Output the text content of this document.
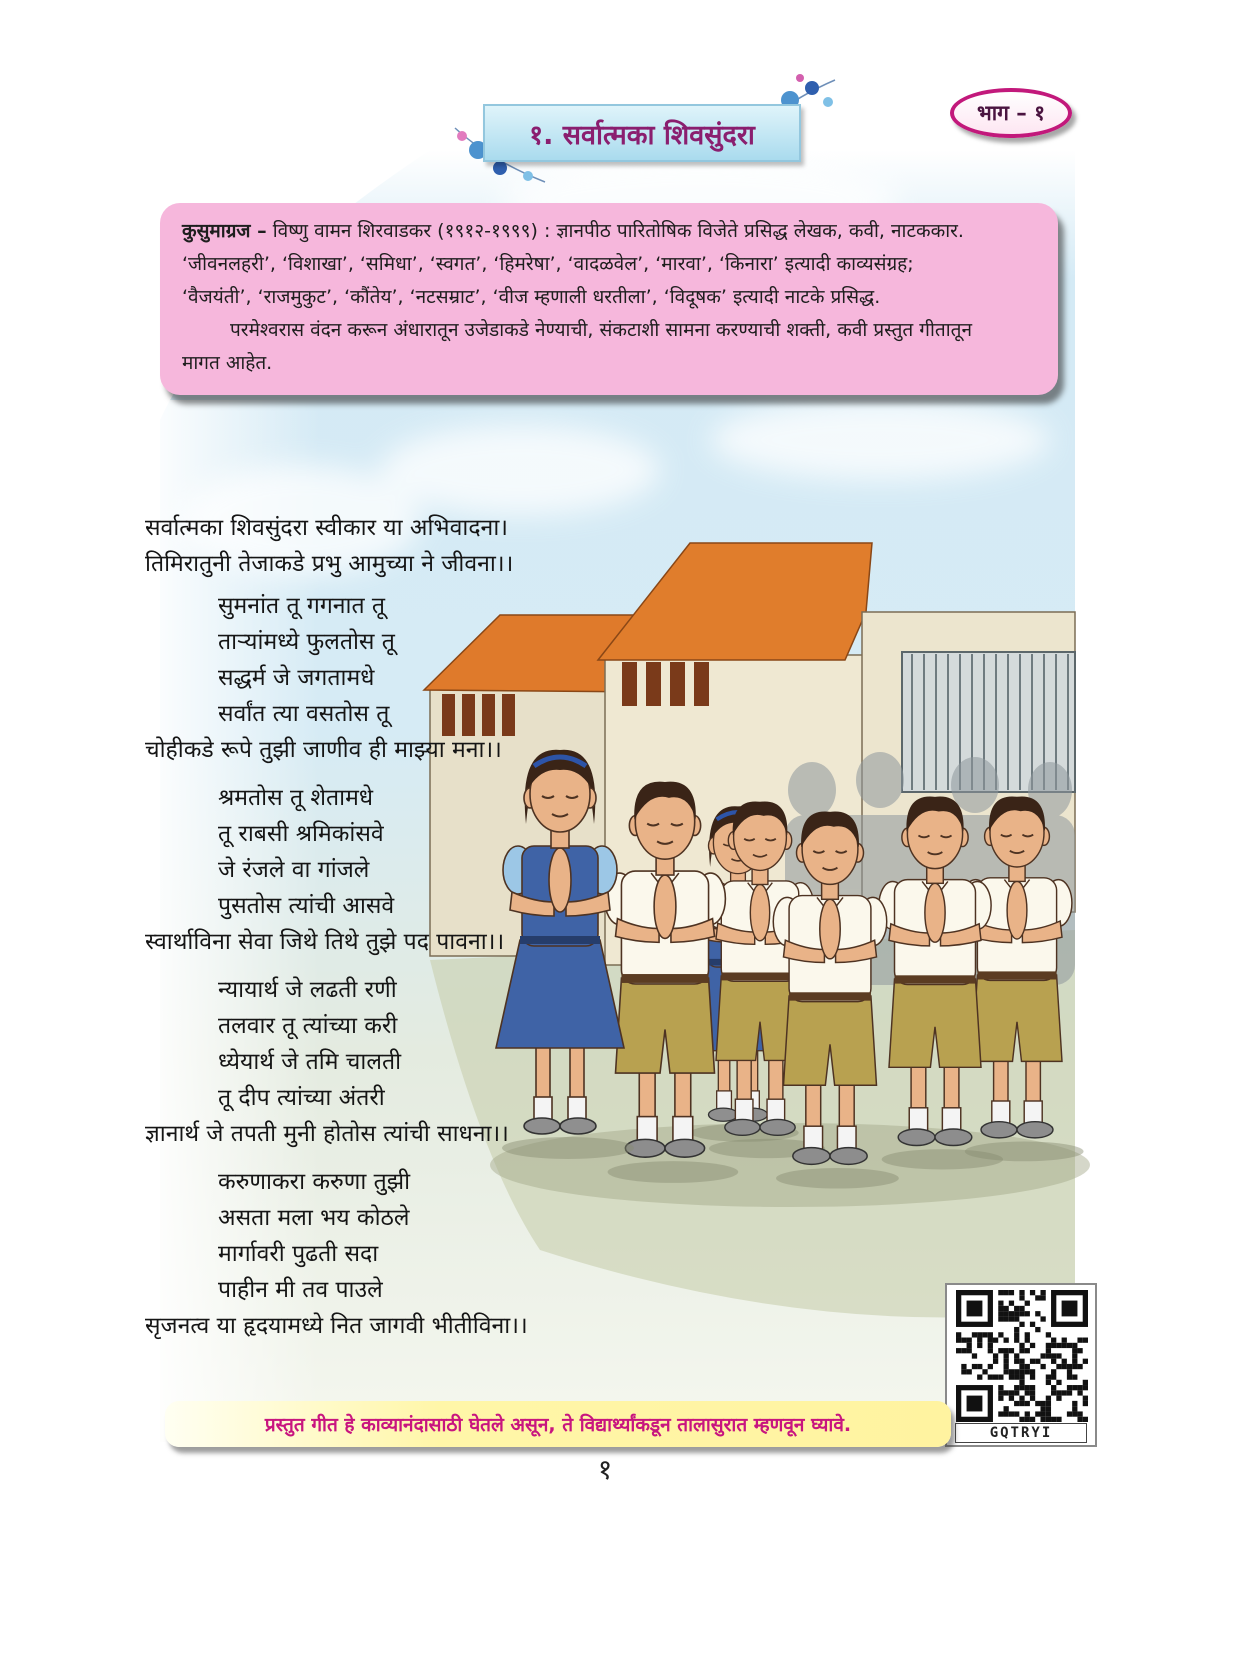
भाग – १
१. सर्वात्मका शिवसुंदरा
कुसुमाग्रज – विष्णु वामन शिरवाडकर (१९१२-१९९९) : ज्ञानपीठ पारितोषिक विजेते प्रसिद्ध लेखक, कवी, नाटककार.
‘जीवनलहरी’, ‘विशाखा’, ‘समिधा’, ‘स्वगत’, ‘हिमरेषा’, ‘वादळवेल’, ‘मारवा’, ‘किनारा’ इत्यादी काव्यसंग्रह;
‘वैजयंती’, ‘राजमुकुट’, ‘कौंतेय’, ‘नटसम्राट’, ‘वीज म्हणाली धरतीला’, ‘विदूषक’ इत्यादी नाटके प्रसिद्ध.
परमेश्वरास वंदन करून अंधारातून उजेडाकडे नेण्याची, संकटाशी सामना करण्याची शक्ती, कवी प्रस्तुत गीतातून
मागत आहेत.
सर्वात्मका शिवसुंदरा स्वीकार या अभिवादना।
तिमिरातुनी तेजाकडे प्रभु आमुच्या ने जीवना।।
सुमनांत तू गगनात तू
ताऱ्यांमध्ये फुलतोस तू
सद्धर्म जे जगतामधे
सर्वांत त्या वसतोस तू
चोहीकडे रूपे तुझी जाणीव ही माझ्या मना।।
श्रमतोस तू शेतामधे
तू राबसी श्रमिकांसवे
जे रंजले वा गांजले
पुसतोस त्यांची आसवे
स्वार्थाविना सेवा जिथे तिथे तुझे पद पावना।।
न्यायार्थ जे लढती रणी
तलवार तू त्यांच्या करी
ध्येयार्थ जे तमि चालती
तू दीप त्यांच्या अंतरी
ज्ञानार्थ जे तपती मुनी होतोस त्यांची साधना।।
करुणाकरा करुणा तुझी
असता मला भय कोठले
मार्गावरी पुढती सदा
पाहीन मी तव पाउले
सृजनत्व या हृदयामध्ये नित जागवी भीतीविना।।
GQTRYI
प्रस्तुत गीत हे काव्यानंदासाठी घेतले असून, ते विद्यार्थ्यांकडून तालासुरात म्हणवून घ्यावे.
१
